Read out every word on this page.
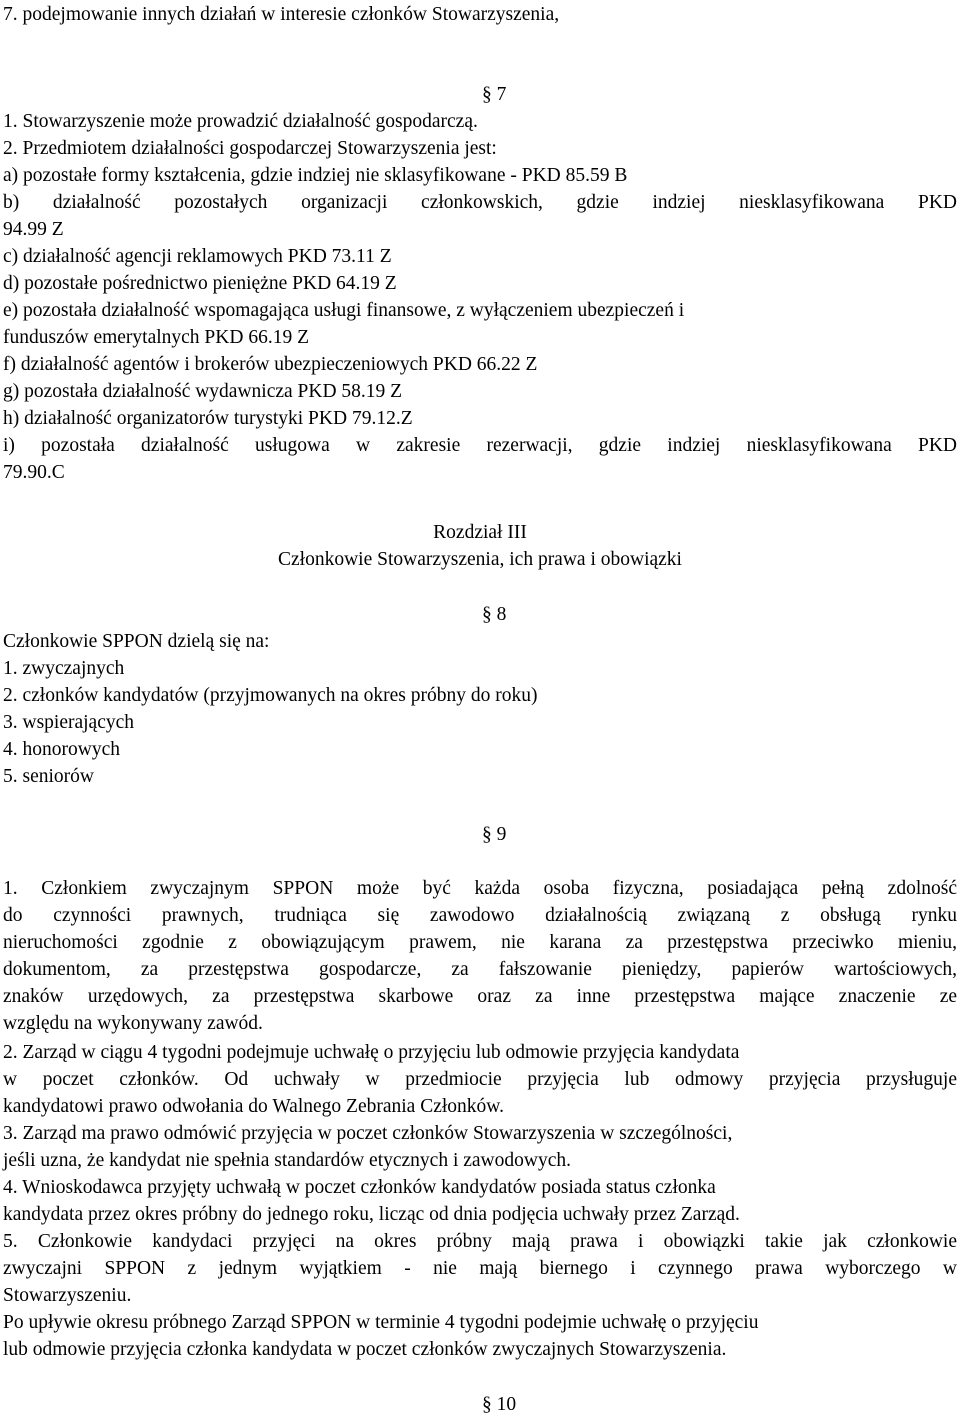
7. podejmowanie innych działań w interesie członków Stowarzyszenia,
§ 7
1. Stowarzyszenie może prowadzić działalność gospodarczą.
2. Przedmiotem działalności gospodarczej Stowarzyszenia jest:
a) pozostałe formy kształcenia, gdzie indziej nie sklasyfikowane - PKD 85.59 B
b) działalność pozostałych organizacji członkowskich, gdzie indziej niesklasyfikowana PKD
94.99 Z
c) działalność agencji reklamowych PKD 73.11 Z
d) pozostałe pośrednictwo pieniężne PKD 64.19 Z
e) pozostała działalność wspomagająca usługi finansowe, z wyłączeniem ubezpieczeń i
funduszów emerytalnych PKD 66.19 Z
f) działalność agentów i brokerów ubezpieczeniowych PKD 66.22 Z
g) pozostała działalność wydawnicza PKD 58.19 Z
h) działalność organizatorów turystyki PKD 79.12.Z
i) pozostała działalność usługowa w zakresie rezerwacji, gdzie indziej niesklasyfikowana PKD
79.90.C
Rozdział III
Członkowie Stowarzyszenia, ich prawa i obowiązki
§ 8
Członkowie SPPON dzielą się na:
1. zwyczajnych
2. członków kandydatów (przyjmowanych na okres próbny do roku)
3. wspierających
4. honorowych
5. seniorów
§ 9
1. Członkiem zwyczajnym SPPON może być każda osoba fizyczna, posiadająca pełną zdolność
do czynności prawnych, trudniąca się zawodowo działalnością związaną z obsługą rynku
nieruchomości zgodnie z obowiązującym prawem, nie karana za przestępstwa przeciwko mieniu,
dokumentom, za przestępstwa gospodarcze, za fałszowanie pieniędzy, papierów wartościowych,
znaków urzędowych, za przestępstwa skarbowe oraz za inne przestępstwa mające znaczenie ze
względu na wykonywany zawód.
2. Zarząd w ciągu 4 tygodni podejmuje uchwałę o przyjęciu lub odmowie przyjęcia kandydata
w poczet członków. Od uchwały w przedmiocie przyjęcia lub odmowy przyjęcia przysługuje
kandydatowi prawo odwołania do Walnego Zebrania Członków.
3. Zarząd ma prawo odmówić przyjęcia w poczet członków Stowarzyszenia w szczególności,
jeśli uzna, że kandydat nie spełnia standardów etycznych i zawodowych.
4. Wnioskodawca przyjęty uchwałą w poczet członków kandydatów posiada status członka
kandydata przez okres próbny do jednego roku, licząc od dnia podjęcia uchwały przez Zarząd.
5. Członkowie kandydaci przyjęci na okres próbny mają prawa i obowiązki takie jak członkowie
zwyczajni SPPON z jednym wyjątkiem - nie mają biernego i czynnego prawa wyborczego w
Stowarzyszeniu.
Po upływie okresu próbnego Zarząd SPPON w terminie 4 tygodni podejmie uchwałę o przyjęciu
lub odmowie przyjęcia członka kandydata w poczet członków zwyczajnych Stowarzyszenia.
§ 10
